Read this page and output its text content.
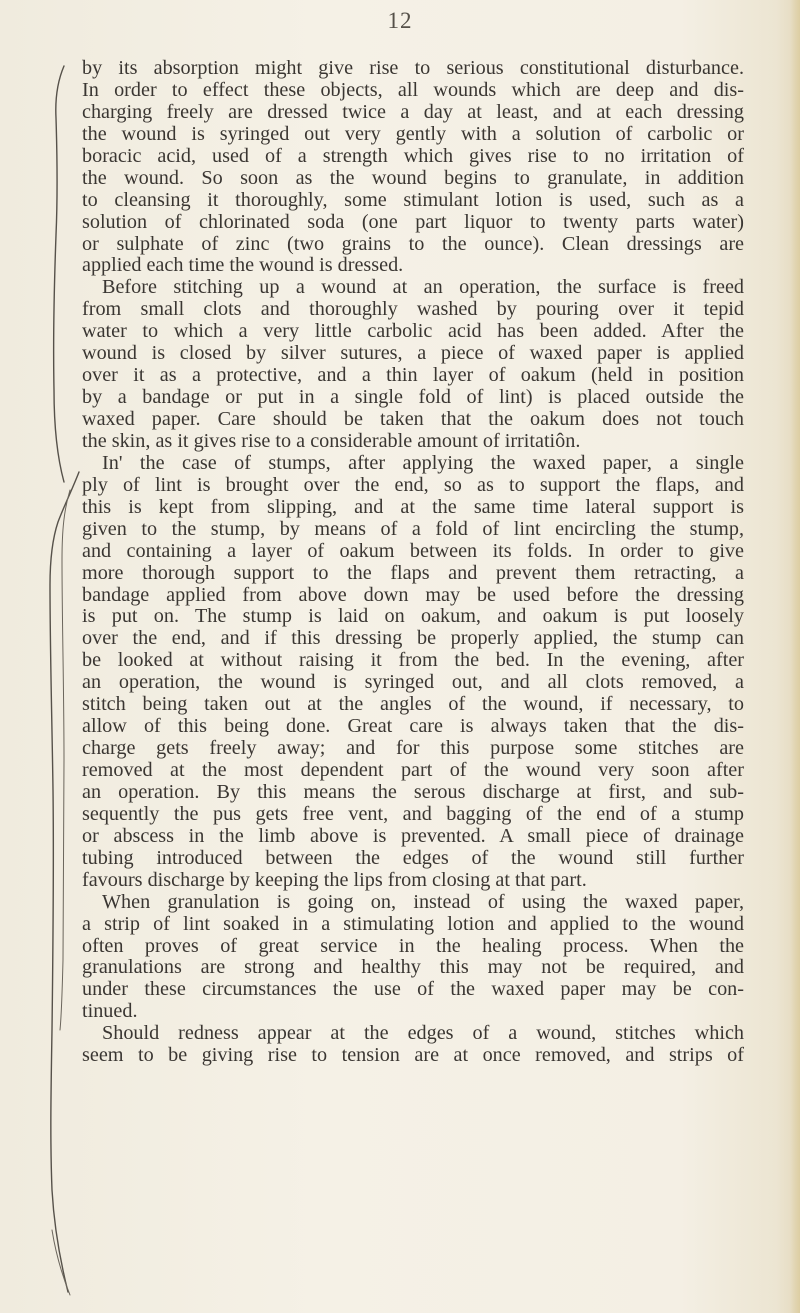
12

by its absorption might give rise to serious constitutional disturbance.
In order to effect these objects, all wounds which are deep and dis-
charging freely are dressed twice a day at least, and at each dressing
the wound is syringed out very gently with a solution of carbolic or
boracic acid, used of a strength which gives rise to no irritation of
the wound. So soon as the wound begins to granulate, in addition
to cleansing it thoroughly, some stimulant lotion is used, such as a
solution of chlorinated soda (one part liquor to twenty parts water)
or sulphate of zinc (two grains to the ounce). Clean dressings are
applied each time the wound is dressed.

Before stitching up a wound at an operation, the surface is freed
from small clots and thoroughly washed by pouring over it tepid
water to which a very little carbolic acid has been added. After the
wound is closed by silver sutures, a piece of waxed paper is applied
over it as a protective, and a thin layer of oakum (held in position
by a bandage or put in a single fold of lint) is placed outside the
waxed paper. Care should be taken that the oakum does not touch
the skin, as it gives rise to a considerable amount of irritatiôn.

In' the case of stumps, after applying the waxed paper, a single
ply of lint is brought over the end, so as to support the flaps, and
this is kept from slipping, and at the same time lateral support is
given to the stump, by means of a fold of lint encircling the stump,
and containing a layer of oakum between its folds. In order to give
more thorough support to the flaps and prevent them retracting, a
bandage applied from above down may be used before the dressing
is put on. The stump is laid on oakum, and oakum is put loosely
over the end, and if this dressing be properly applied, the stump can
be looked at without raising it from the bed. In the evening, after
an operation, the wound is syringed out, and all clots removed, a
stitch being taken out at the angles of the wound, if necessary, to
allow of this being done. Great care is always taken that the dis-
charge gets freely away; and for this purpose some stitches are
removed at the most dependent part of the wound very soon after
an operation. By this means the serous discharge at first, and sub-
sequently the pus gets free vent, and bagging of the end of a stump
or abscess in the limb above is prevented. A small piece of drainage
tubing introduced between the edges of the wound still further
favours discharge by keeping the lips from closing at that part.

When granulation is going on, instead of using the waxed paper,
a strip of lint soaked in a stimulating lotion and applied to the wound
often proves of great service in the healing process. When the
granulations are strong and healthy this may not be required, and
under these circumstances the use of the waxed paper may be con-
tinued.

Should redness appear at the edges of a wound, stitches which
seem to be giving rise to tension are at once removed, and strips of
